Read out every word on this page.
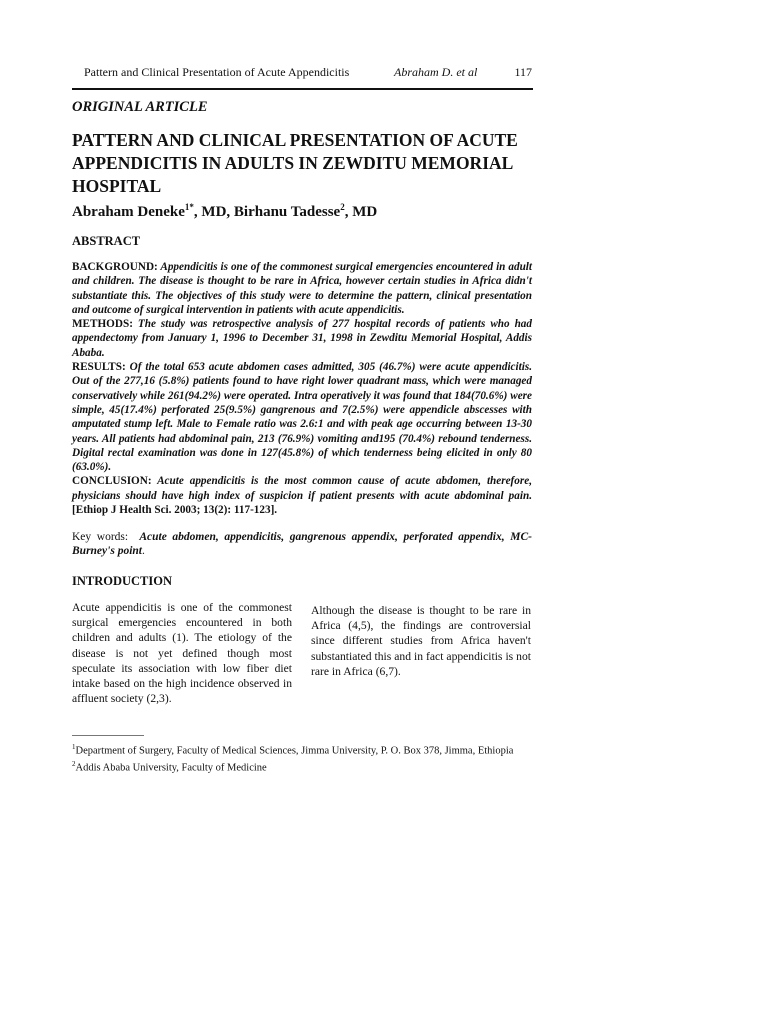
Pattern and Clinical Presentation of Acute Appendicitis	Abraham D. et al	117
ORIGINAL ARTICLE
PATTERN AND CLINICAL PRESENTATION OF ACUTE APPENDICITIS IN ADULTS IN ZEWDITU MEMORIAL HOSPITAL
Abraham Deneke$^{1*}$, MD, Birhanu Tadesse$^2$, MD
ABSTRACT

BACKGROUND: Appendicitis is one of the commonest surgical emergencies encountered in adult and children. The disease is thought to be rare in Africa, however certain studies in Africa didn't substantiate this. The objectives of this study were to determine the pattern, clinical presentation and outcome of surgical intervention in patients with acute appendicitis.

METHODS: The study was retrospective analysis of 277 hospital records of patients who had appendectomy from January 1, 1996 to December 31, 1998 in Zewditu Memorial Hospital, Addis Ababa.

RESULTS: Of the total 653 acute abdomen cases admitted, 305 (46.7%) were acute appendicitis. Out of the 277,16 (5.8%) patients found to have right lower quadrant mass, which were managed conservatively while 261(94.2%) were operated. Intra operatively it was found that 184(70.6%) were simple, 45(17.4%) perforated 25(9.5%) gangrenous and 7(2.5%) were appendicle abscesses with amputated stump left. Male to Female ratio was 2.6:1 and with peak age occurring between 13-30 years. All patients had abdominal pain, 213 (76.9%) vomiting and195 (70.4%) rebound tenderness. Digital rectal examination was done in 127(45.8%) of which tenderness being elicited in only 80 (63.0%).

CONCLUSION: Acute appendicitis is the most common cause of acute abdomen, therefore, physicians should have high index of suspicion if patient presents with acute abdominal pain. [Ethiop J Health Sci. 2003; 13(2): 117-123].

Key words:  Acute abdomen, appendicitis, gangrenous appendix, perforated appendix, MC-Burney's point.
INTRODUCTION
Acute appendicitis is one of the commonest surgical emergencies encountered in both children and adults (1). The etiology of the disease is not yet defined though most speculate its association with low fiber diet intake based on the high incidence observed in affluent society (2,3).
Although the disease is thought to be rare in Africa (4,5), the findings are controversial since different studies from Africa haven't substantiated this and in fact appendicitis is not rare in Africa (6,7).

$^1$Department of Surgery, Faculty of Medical Sciences, Jimma University, P. O. Box 378, Jimma, Ethiopia

$^2$Addis Ababa University, Faculty of Medicine
